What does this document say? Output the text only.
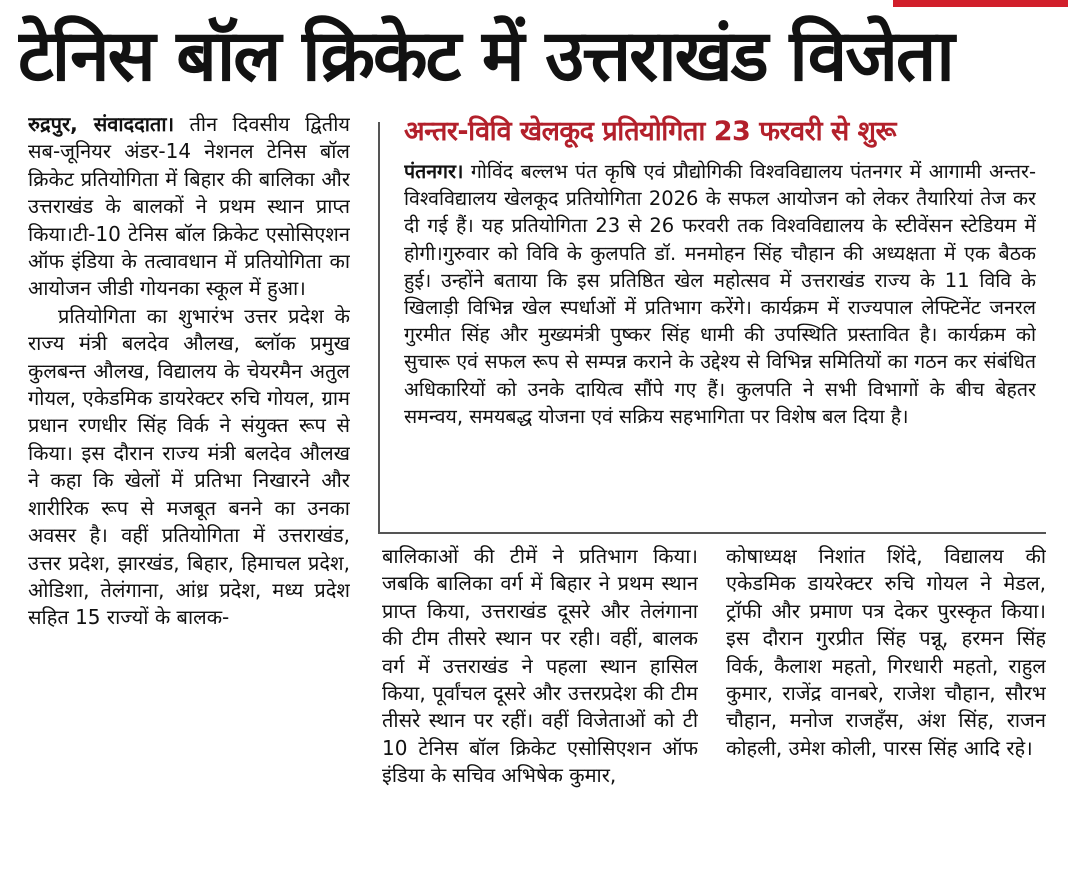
टेनिस बॉल क्रिकेट में उत्तराखंड विजेता

रुद्रपुर, संवाददाता। तीन दिवसीय द्वितीय सब-जूनियर अंडर-14 नेशनल टेनिस बॉल क्रिकेट प्रतियोगिता में बिहार की बालिका और उत्तराखंड के बालकों ने प्रथम स्थान प्राप्त किया।टी-10 टेनिस बॉल क्रिकेट एसोसिएशन ऑफ इंडिया के तत्वावधान में प्रतियोगिता का आयोजन जीडी गोयनका स्कूल में हुआ।

प्रतियोगिता का शुभारंभ उत्तर प्रदेश के राज्य मंत्री बलदेव औलख, ब्लॉक प्रमुख कुलबन्त औलख, विद्यालय के चेयरमैन अतुल गोयल, एकेडमिक डायरेक्टर रुचि गोयल, ग्राम प्रधान रणधीर सिंह विर्क ने संयुक्त रूप से किया। इस दौरान राज्य मंत्री बलदेव औलख ने कहा कि खेलों में प्रतिभा निखारने और शारीरिक रूप से मजबूत बनने का उनका अवसर है। वहीं प्रतियोगिता में उत्तराखंड, उत्तर प्रदेश, झारखंड, बिहार, हिमाचल प्रदेश, ओडिशा, तेलंगाना, आंध्र प्रदेश, मध्य प्रदेश सहित 15 राज्यों के बालक-

अन्तर-विवि खेलकूद प्रतियोगिता 23 फरवरी से शुरू
पंतनगर। गोविंद बल्लभ पंत कृषि एवं प्रौद्योगिकी विश्वविद्यालय पंतनगर में आगामी अन्तर-विश्वविद्यालय खेलकूद प्रतियोगिता 2026 के सफल आयोजन को लेकर तैयारियां तेज कर दी गई हैं। यह प्रतियोगिता 23 से 26 फरवरी तक विश्वविद्यालय के स्टीवेंसन स्टेडियम में होगी।गुरुवार को विवि के कुलपति डॉ. मनमोहन सिंह चौहान की अध्यक्षता में एक बैठक हुई। उन्होंने बताया कि इस प्रतिष्ठित खेल महोत्सव में उत्तराखंड राज्य के 11 विवि के खिलाड़ी विभिन्न खेल स्पर्धाओं में प्रतिभाग करेंगे। कार्यक्रम में राज्यपाल लेफ्टिनेंट जनरल गुरमीत सिंह और मुख्यमंत्री पुष्कर सिंह धामी की उपस्थिति प्रस्तावित है। कार्यक्रम को सुचारू एवं सफल रूप से सम्पन्न कराने के उद्देश्य से विभिन्न समितियों का गठन कर संबंधित अधिकारियों को उनके दायित्व सौंपे गए हैं। कुलपति ने सभी विभागों के बीच बेहतर समन्वय, समयबद्ध योजना एवं सक्रिय सहभागिता पर विशेष बल दिया है।

बालिकाओं की टीमें ने प्रतिभाग किया। जबकि बालिका वर्ग में बिहार ने प्रथम स्थान प्राप्त किया, उत्तराखंड दूसरे और तेलंगाना की टीम तीसरे स्थान पर रही। वहीं, बालक वर्ग में उत्तराखंड ने पहला स्थान हासिल किया, पूर्वांचल दूसरे और उत्तरप्रदेश की टीम तीसरे स्थान पर रहीं। वहीं विजेताओं को टी 10 टेनिस बॉल क्रिकेट एसोसिएशन ऑफ इंडिया के सचिव अभिषेक कुमार,

कोषाध्यक्ष निशांत शिंदे, विद्यालय की एकेडमिक डायरेक्टर रुचि गोयल ने मेडल, ट्रॉफी और प्रमाण पत्र देकर पुरस्कृत किया। इस दौरान गुरप्रीत सिंह पन्नू, हरमन सिंह विर्क, कैलाश महतो, गिरधारी महतो, राहुल कुमार, राजेंद्र वानबरे, राजेश चौहान, सौरभ चौहान, मनोज राजहँस, अंश सिंह, राजन कोहली, उमेश कोली, पारस सिंह आदि रहे।
